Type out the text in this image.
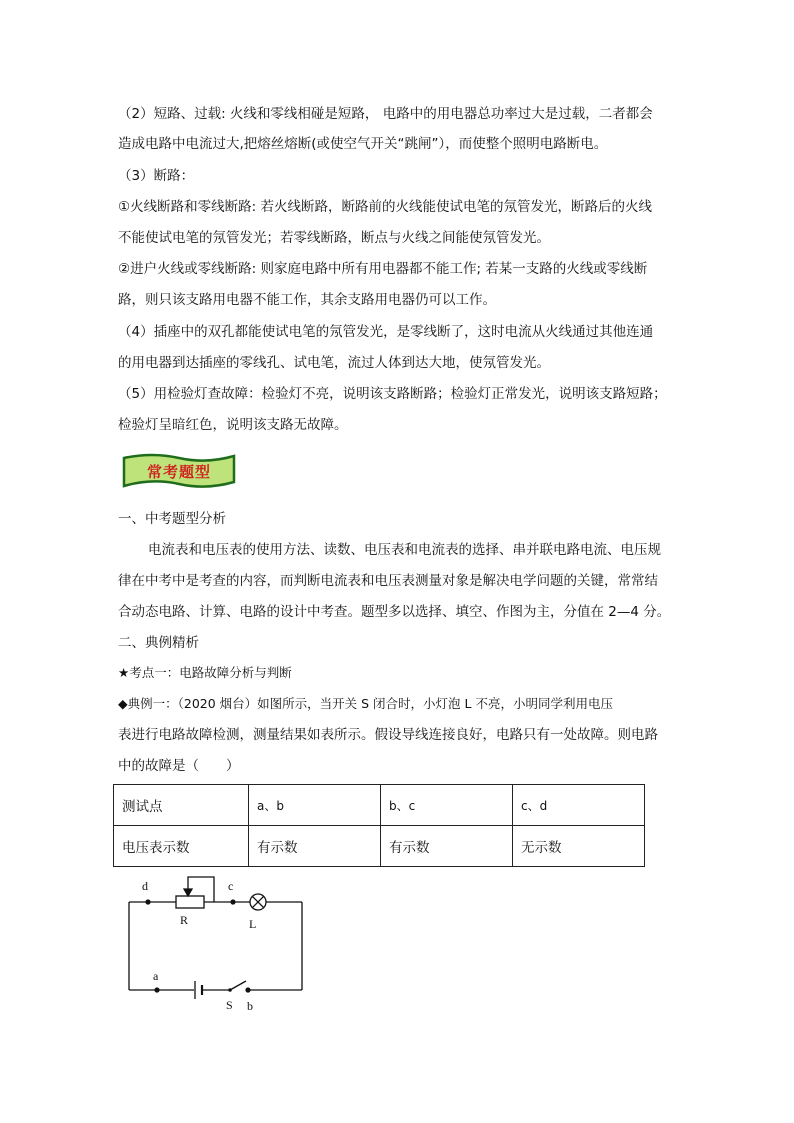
（2）短路、过载: 火线和零线相碰是短路， 电路中的用电器总功率过大是过载，二者都会
造成电路中电流过大,把熔丝熔断(或使空气开关“跳闸”），而使整个照明电路断电。
（3）断路：
①火线断路和零线断路: 若火线断路，断路前的火线能使试电笔的氖管发光，断路后的火线
不能使试电笔的氖管发光；若零线断路，断点与火线之间能使氖管发光。
②进户火线或零线断路: 则家庭电路中所有用电器都不能工作; 若某一支路的火线或零线断
路，则只该支路用电器不能工作，其余支路用电器仍可以工作。
（4）插座中的双孔都能使试电笔的氖管发光，是零线断了，这时电流从火线通过其他连通
的用电器到达插座的零线孔、试电笔，流过人体到达大地，使氖管发光。
（5）用检验灯查故障：检验灯不亮，说明该支路断路；检验灯正常发光，说明该支路短路；
检验灯呈暗红色，说明该支路无故障。
常考题型
一、中考题型分析
电流表和电压表的使用方法、读数、电压表和电流表的选择、串并联电路电流、电压规
律在中考中是考查的内容，而判断电流表和电压表测量对象是解决电学问题的关键，常常结
合动态电路、计算、电路的设计中考查。题型多以选择、填空、作图为主，分值在 2—4 分。
二、典例精析
★考点一：电路故障分析与判断
◆典例一：（2020 烟台）如图所示，当开关 S 闭合时，小灯泡 L 不亮，小明同学利用电压
表进行电路故障检测，测量结果如表所示。假设导线连接良好，电路只有一处故障。则电路
中的故障是（　　）
测试点	a、b	b、c	c、d
电压表示数	有示数	有示数	无示数
d	c
R	L
a
S b
